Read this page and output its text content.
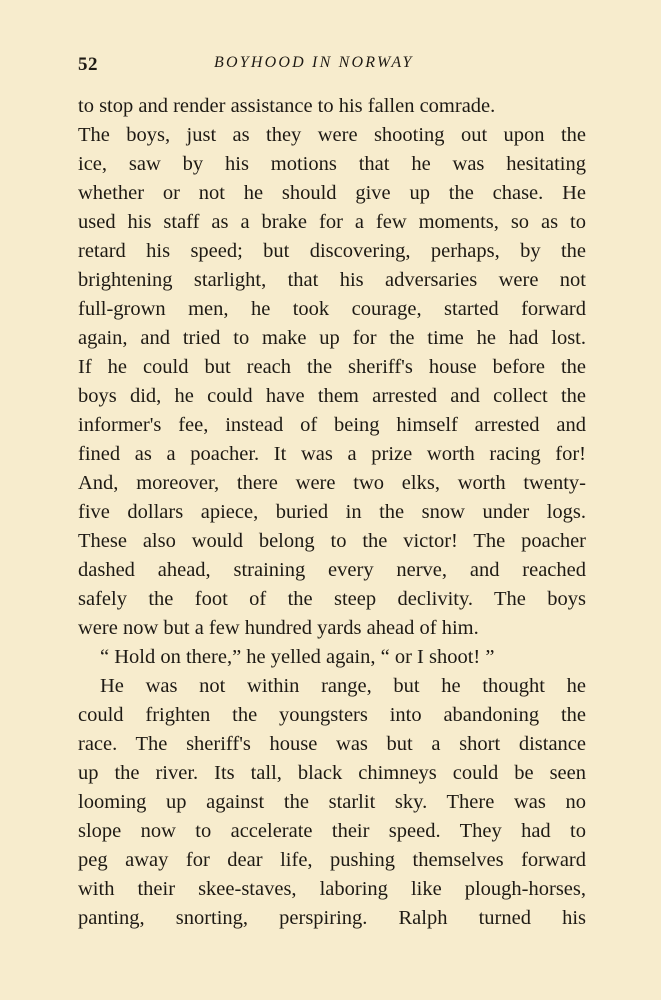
52	BOYHOOD IN NORWAY
to stop and render assistance to his fallen comrade.
The boys, just as they were shooting out upon the
ice, saw by his motions that he was hesitating
whether or not he should give up the chase. He
used his staff as a brake for a few moments, so as to
retard his speed; but discovering, perhaps, by the
brightening starlight, that his adversaries were not
full-grown men, he took courage, started forward
again, and tried to make up for the time he had lost.
If he could but reach the sheriff's house before the
boys did, he could have them arrested and collect the
informer's fee, instead of being himself arrested and
fined as a poacher. It was a prize worth racing for!
And, moreover, there were two elks, worth twenty-
five dollars apiece, buried in the snow under logs.
These also would belong to the victor! The poacher
dashed ahead, straining every nerve, and reached
safely the foot of the steep declivity. The boys
were now but a few hundred yards ahead of him.
“ Hold on there,” he yelled again, “ or I shoot! ”
He was not within range, but he thought he
could frighten the youngsters into abandoning the
race. The sheriff's house was but a short distance
up the river. Its tall, black chimneys could be seen
looming up against the starlit sky. There was no
slope now to accelerate their speed. They had to
peg away for dear life, pushing themselves forward
with their skee-staves, laboring like plough-horses,
panting, snorting, perspiring. Ralph turned his
